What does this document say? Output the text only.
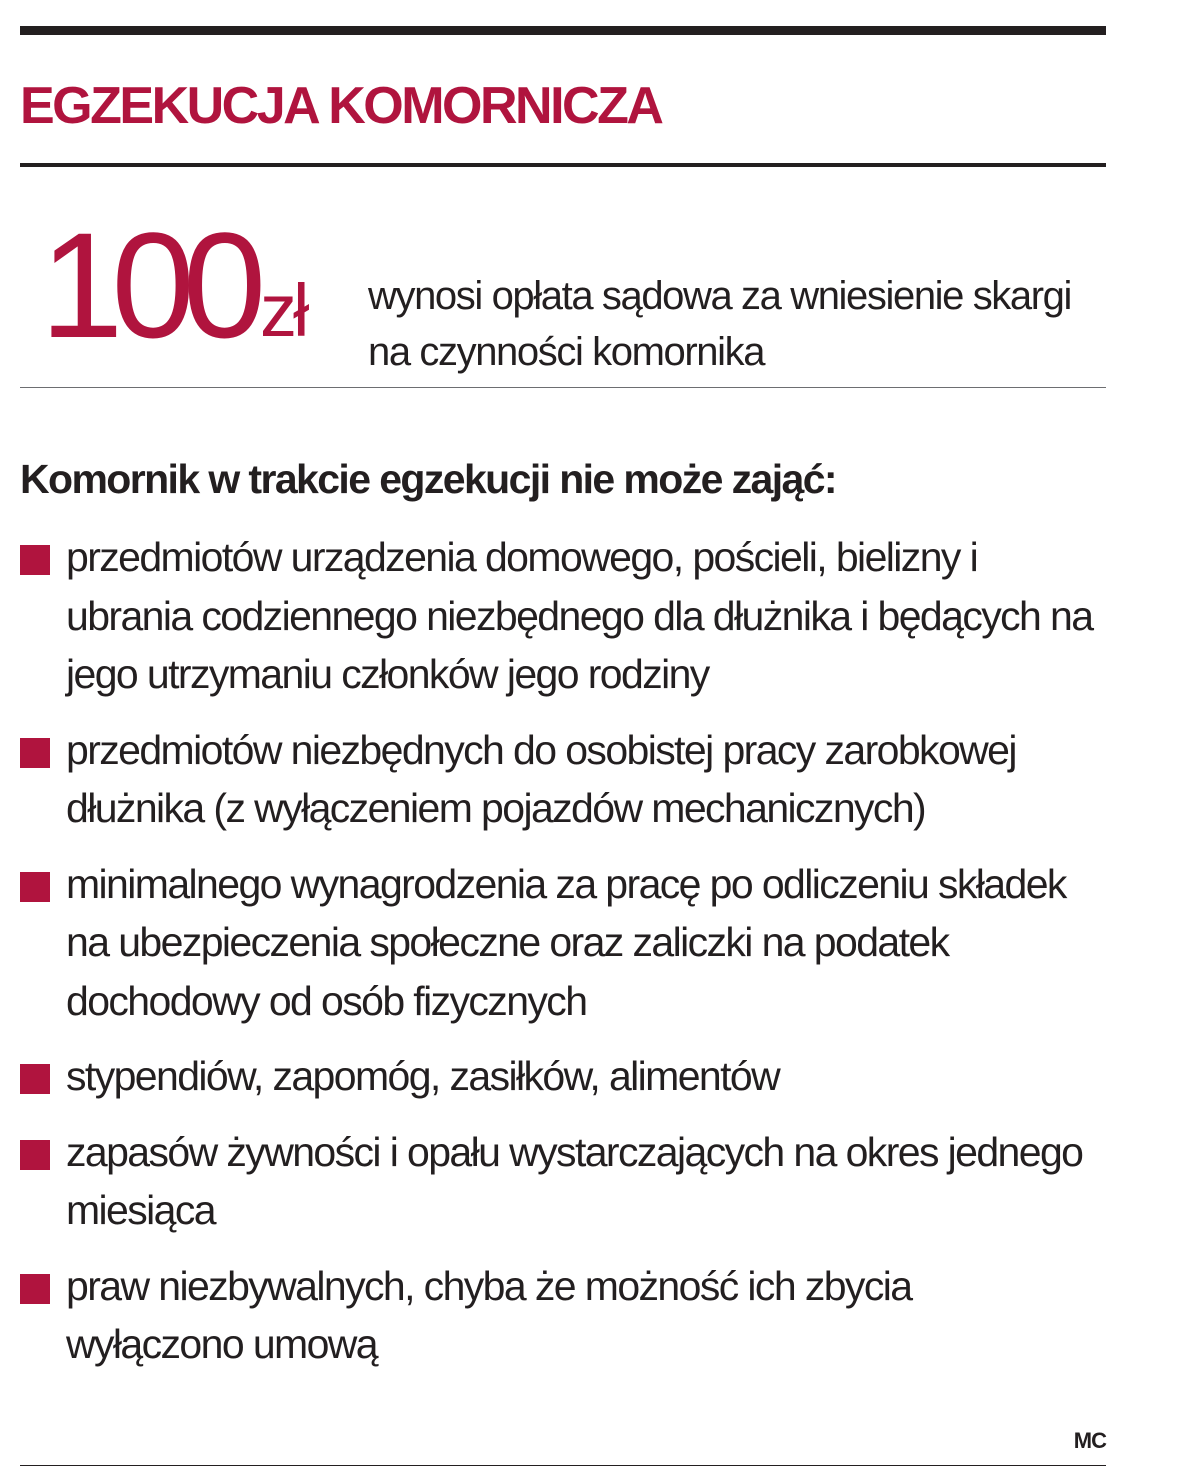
EGZEKUCJA KOMORNICZA
100 zł wynosi opłata sądowa za wniesienie skargi na czynności komornika
Komornik w trakcie egzekucji nie może zająć:
przedmiotów urządzenia domowego, pościeli, bielizny i ubrania codziennego niezbędnego dla dłużnika i będących na jego utrzymaniu członków jego rodziny
przedmiotów niezbędnych do osobistej pracy zarobkowej dłużnika (z wyłączeniem pojazdów mechanicznych)
minimalnego wynagrodzenia za pracę po odliczeniu składek na ubezpieczenia społeczne oraz zaliczki na podatek dochodowy od osób fizycznych
stypendiów, zapomóg, zasiłków, alimentów
zapasów żywności i opału wystarczających na okres jednego miesiąca
praw niezbywalnych, chyba że możność ich zbycia wyłączono umową
MC
